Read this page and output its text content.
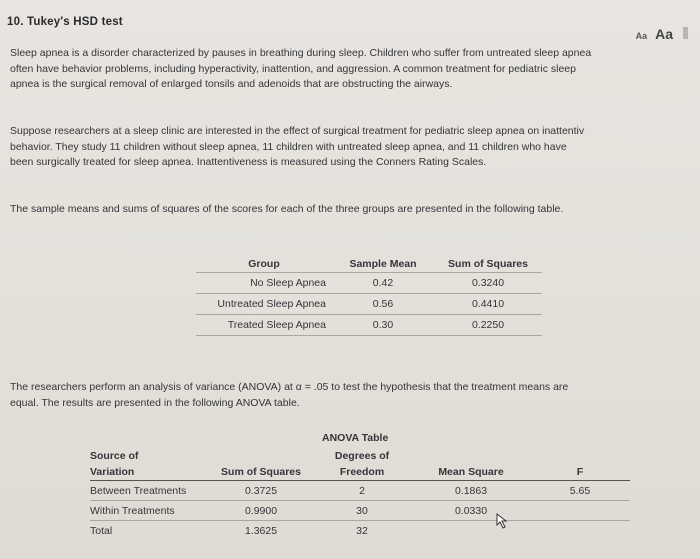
10. Tukey's HSD test
Aa Aa
Sleep apnea is a disorder characterized by pauses in breathing during sleep. Children who suffer from untreated sleep apnea
often have behavior problems, including hyperactivity, inattention, and aggression. A common treatment for pediatric sleep
apnea is the surgical removal of enlarged tonsils and adenoids that are obstructing the airways.
Suppose researchers at a sleep clinic are interested in the effect of surgical treatment for pediatric sleep apnea on inattentiv
behavior. They study 11 children without sleep apnea, 11 children with untreated sleep apnea, and 11 children who have
been surgically treated for sleep apnea. Inattentiveness is measured using the Conners Rating Scales.
The sample means and sums of squares of the scores for each of the three groups are presented in the following table.
Group	Sample Mean	Sum of Squares
No Sleep Apnea	0.42	0.3240
Untreated Sleep Apnea	0.56	0.4410
Treated Sleep Apnea	0.30	0.2250
The researchers perform an analysis of variance (ANOVA) at α = .05 to test the hypothesis that the treatment means are
equal. The results are presented in the following ANOVA table.
ANOVA Table
Source of		Degrees of		
Variation	Sum of Squares	Freedom	Mean Square	F
Between Treatments	0.3725	2	0.1863	5.65
Within Treatments	0.9900	30	0.0330	
Total	1.3625	32		
